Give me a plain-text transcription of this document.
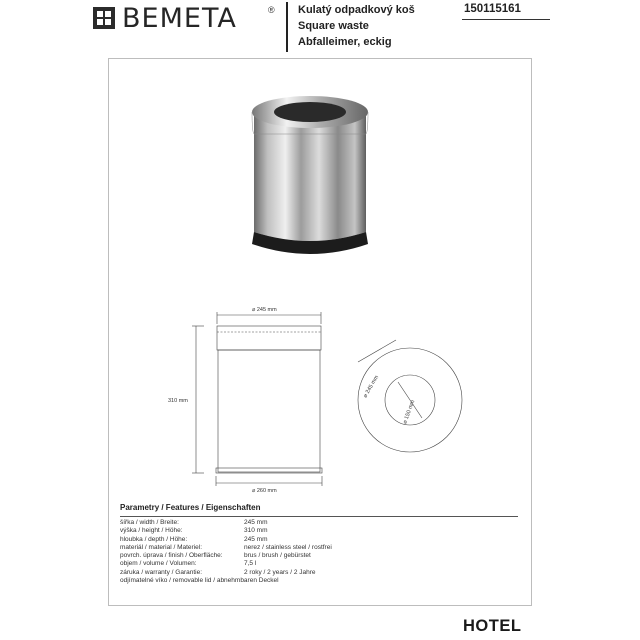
BEMETA	® Kulatý odpadkový koš
Square waste
Abfalleimer, eckig
150115161
⌀ 245 mm
⌀ 260 mm
310 mm
⌀ 245 mm
⌀ 150 mm
Parametry / Features / Eigenschaften
šířka / width / Breite:	245 mm
výška / height / Höhe:	310 mm
hloubka / depth / Höhe:	245 mm
materiál / material / Materiel:	nerez / stainless steel / rostfrei
povrch. úprava / finish / Oberfläche:	brus / brush / gebürstet
objem / volume / Volumen:	7,5 l
záruka / warranty / Garantie:	2 roky / 2 years / 2 Jahre
odjímatelné víko / removable lid / abnehmbaren Deckel
HOTEL
